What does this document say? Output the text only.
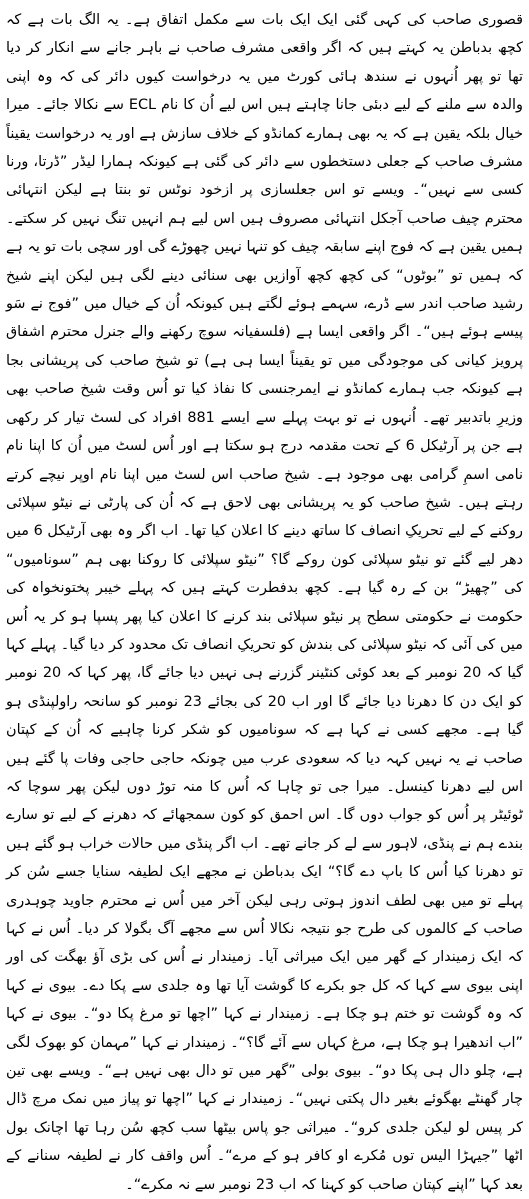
قصوری صاحب کی کہی گئی ایک ایک بات سے مکمل اتفاق ہے۔ یہ الگ بات ہے کہ کچھ بدباطن یہ کہتے ہیں کہ اگر واقعی مشرف صاحب نے باہر جانے سے انکار کر دیا تھا تو پھر اُنہوں نے سندھ ہائی کورٹ میں یہ درخواست کیوں دائر کی کہ وہ اپنی والدہ سے ملنے کے لیے دبئی جانا چاہتے ہیں اس لیے اُن کا نام ECL سے نکالا جائے۔ میرا خیال بلکہ یقین ہے کہ یہ بھی ہمارے کمانڈو کے خلاف سازش ہے اور یہ درخواست یقیناً مشرف صاحب کے جعلی دستخطوں سے دائر کی گئی ہے کیونکہ ہمارا لیڈر ”ڈرتا، ورنا کسی سے نہیں“۔ ویسے تو اس جعلسازی پر ازخود نوٹس تو بنتا ہے لیکن انتہائی محترم چیف صاحب آجکل انتہائی مصروف ہیں اس لیے ہم انہیں تنگ نہیں کر سکتے۔ ہمیں یقین ہے کہ فوج اپنے سابقہ چیف کو تنہا نہیں چھوڑے گی اور سچی بات تو یہ ہے کہ ہمیں تو ”بوٹوں“ کی کچھ کچھ آوازیں بھی سنائی دینے لگی ہیں لیکن اپنے شیخ رشید صاحب اندر سے ڈرے، سہمے ہوئے لگتے ہیں کیونکہ اُن کے خیال میں ”فوج نے سَو پیسے ہوئے ہیں“۔ اگر واقعی ایسا ہے (فلسفیانہ سوچ رکھنے والے جنرل محترم اشفاق پرویز کیانی کی موجودگی میں تو یقیناً ایسا ہی ہے) تو شیخ صاحب کی پریشانی بجا ہے کیونکہ جب ہمارے کمانڈو نے ایمرجنسی کا نفاذ کیا تو اُس وقت شیخ صاحب بھی وزیرِ باتدبیر تھے۔ اُنہوں نے تو بہت پہلے سے ایسے 881 افراد کی لسٹ تیار کر رکھی ہے جن پر آرٹیکل 6 کے تحت مقدمہ درج ہو سکتا ہے اور اُس لسٹ میں اُن کا اپنا نام نامی اسمِ گرامی بھی موجود ہے۔ شیخ صاحب اس لسٹ میں اپنا نام اوپر نیچے کرتے رہتے ہیں۔ شیخ صاحب کو یہ پریشانی بھی لاحق ہے کہ اُن کی پارٹی نے نیٹو سپلائی روکنے کے لیے تحریکِ انصاف کا ساتھ دینے کا اعلان کیا تھا۔ اب اگر وہ بھی آرٹیکل 6 میں دھر لیے گئے تو نیٹو سپلائی کون روکے گا؟ ”نیٹو سپلائی کا روکنا بھی ہم ”سونامیوں“ کی ”چھیڑ“ بن کے رہ گیا ہے۔ کچھ بدفطرت کہتے ہیں کہ پہلے خیبر پختونخواہ کی حکومت نے حکومتی سطح پر نیٹو سپلائی بند کرنے کا اعلان کیا پھر پسپا ہو کر یہ اُس میں کی آئی کہ نیٹو سپلائی کی بندش کو تحریکِ انصاف تک محدود کر دیا گیا۔ پہلے کہا گیا کہ 20 نومبر کے بعد کوئی کنٹینر گزرنے ہی نہیں دیا جائے گا، پھر کہا کہ 20 نومبر کو ایک دن کا دھرنا دیا جائے گا اور اب 20 کی بجائے 23 نومبر کو سانحہ راولپنڈی ہو گیا ہے۔ مجھے کسی نے کہا ہے کہ سونامیوں کو شکر کرنا چاہیے کہ اُن کے کپتان صاحب نے یہ نہیں کہہ دیا کہ سعودی عرب میں چونکہ حاجی حاجی وفات پا گئے ہیں اس لیے دھرنا کینسل۔ میرا جی تو چاہا کہ اُس کا منہ توڑ دوں لیکن پھر سوچا کہ ٹوئیٹر پر اُس کو جواب دوں گا۔ اس احمق کو کون سمجھائے کہ دھرنے کے لیے تو سارے بندے ہم نے پنڈی، لاہور سے لے کر جانے تھے۔ اب اگر پنڈی میں حالات خراب ہو گئے ہیں تو دھرنا کیا اُس کا باپ دے گا؟“ ایک بدباطن نے مجھے ایک لطیفہ سنایا جسے سُن کر پہلے تو میں بھی لطف اندوز ہوتی رہی لیکن آخر میں اُس نے محترم جاوید چوہدری صاحب کے کالموں کی طرح جو نتیجہ نکالا اُس سے مجھے آگ بگولا کر دیا۔ اُس نے کہا کہ ایک زمیندار کے گھر میں ایک میراثی آیا۔ زمیندار نے اُس کی بڑی آؤ بھگت کی اور اپنی بیوی سے کہا کہ کل جو بکرے کا گوشت آیا تھا وہ جلدی سے پکا دے۔ بیوی نے کہا کہ وہ گوشت تو ختم ہو چکا ہے۔ زمیندار نے کہا ”اچھا تو مرغ پکا دو“۔ بیوی نے کہا ”اب اندھیرا ہو چکا ہے، مرغ کہاں سے آئے گا؟“۔ زمیندار نے کہا ”مہمان کو بھوک لگی ہے، چلو دال ہی پکا دو“۔ بیوی بولی ”گھر میں تو دال بھی نہیں ہے“۔ ویسے بھی تین چار گھنٹے بھگوئے بغیر دال پکتی نہیں“۔ زمیندار نے کہا ”اچھا تو پیاز میں نمک مرچ ڈال کر پیس لو لیکن جلدی کرو“۔ میراثی جو پاس بیٹھا سب کچھ سُن رہا تھا اچانک بول اٹھا ”جیہڑا الیس توں مُکرے او کافر ہو کے مرے“۔ اُس واقف کار نے لطیفہ سنانے کے بعد کہا ”اپنے کپتان صاحب کو کہنا کہ اب 23 نومبر سے نہ مکرے“۔
